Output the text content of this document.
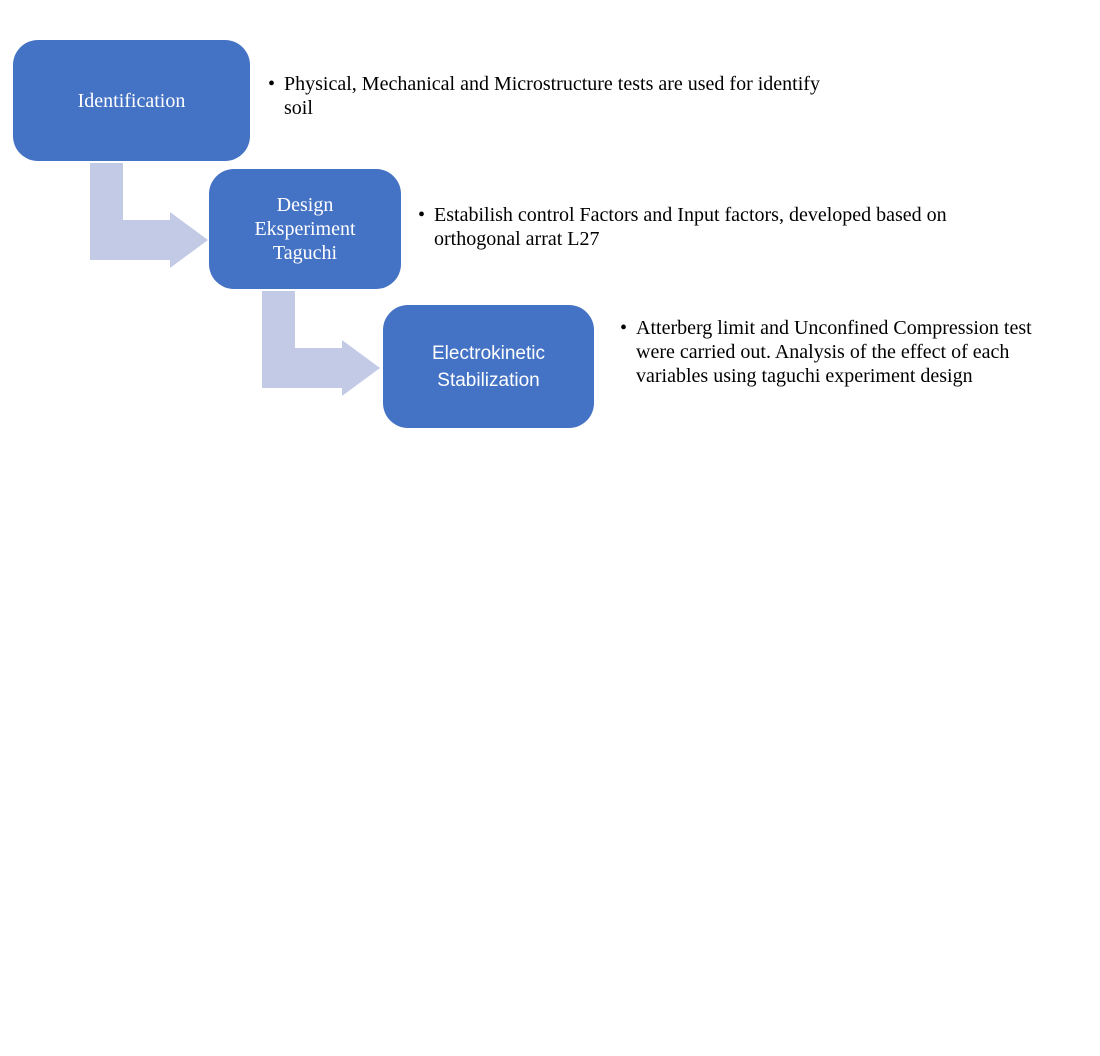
Identification
• Physical, Mechanical and Microstructure tests are used for identify soil
Design Eksperiment Taguchi
• Estabilish control Factors and Input factors, developed based on orthogonal arrat L27
Electrokinetic Stabilization
• Atterberg limit and Unconfined Compression test were carried out. Analysis of the effect of each variables using taguchi experiment design
